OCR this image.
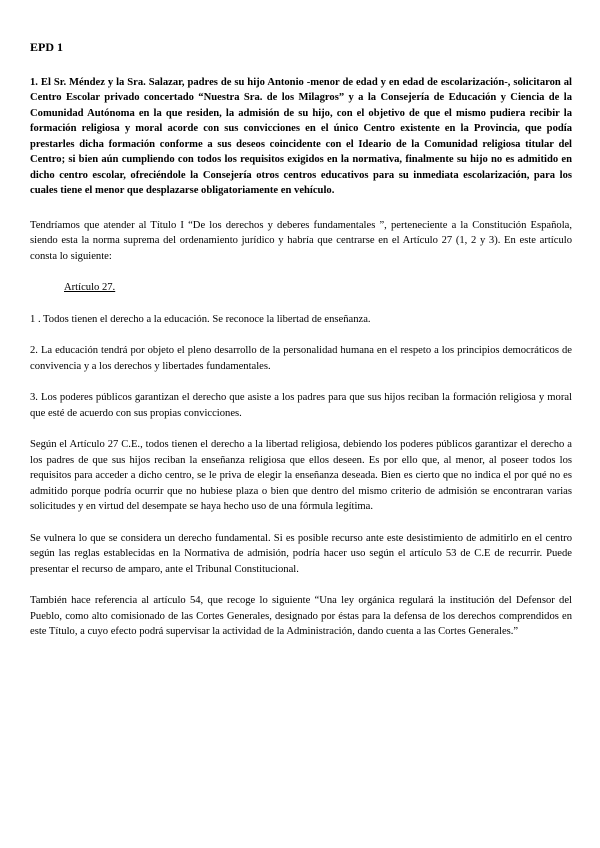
EPD 1
1. El Sr. Méndez y la Sra. Salazar, padres de su hijo Antonio -menor de edad y en edad de escolarización-, solicitaron al Centro Escolar privado concertado “Nuestra Sra. de los Milagros” y a la Consejería de Educación y Ciencia de la Comunidad Autónoma en la que residen, la admisión de su hijo, con el objetivo de que el mismo pudiera recibir la formación religiosa y moral acorde con sus convicciones en el único Centro existente en la Provincia, que podía prestarles dicha formación conforme a sus deseos coincidente con el Ideario de la Comunidad religiosa titular del Centro; si bien aún cumpliendo con todos los requisitos exigidos en la normativa, finalmente su hijo no es admitido en dicho centro escolar, ofreciéndole la Consejería otros centros educativos para su inmediata escolarización, para los cuales tiene el menor que desplazarse obligatoriamente en vehículo.

Tendríamos que atender al Título I “De los derechos y deberes fundamentales ”, perteneciente a la Constitución Española, siendo esta la norma suprema del ordenamiento jurídico y habría que centrarse en el Artículo 27 (1, 2 y 3). En este artículo consta lo siguiente:

Artículo 27.

1 . Todos tienen el derecho a la educación. Se reconoce la libertad de enseñanza.

2. La educación tendrá por objeto el pleno desarrollo de la personalidad humana en el respeto a los principios democráticos de convivencia y a los derechos y libertades fundamentales.

3. Los poderes públicos garantizan el derecho que asiste a los padres para que sus hijos reciban la formación religiosa y moral que esté de acuerdo con sus propias convicciones.

Según el Artículo 27 C.E., todos tienen el derecho a la libertad religiosa, debiendo los poderes públicos garantizar el derecho a los padres de que sus hijos reciban la enseñanza religiosa que ellos deseen. Es por ello que, al menor, al poseer todos los requisitos para acceder a dicho centro, se le priva de elegir la enseñanza deseada. Bien es cierto que no indica el por qué no es admitido porque podría ocurrir que no hubiese plaza o bien que dentro del mismo criterio de admisión se encontraran varias solicitudes y en virtud del desempate se haya hecho uso de una fórmula legítima.

Se vulnera lo que se considera un derecho fundamental. Si es posible recurso ante este desistimiento de admitirlo en el centro según las reglas establecidas en la Normativa de admisión, podría hacer uso según el artículo 53 de C.E de recurrir. Puede presentar el recurso de amparo, ante el Tribunal Constitucional.

También hace referencia al artículo 54, que recoge lo siguiente “Una ley orgánica regulará la institución del Defensor del Pueblo, como alto comisionado de las Cortes Generales, designado por éstas para la defensa de los derechos comprendidos en este Título, a cuyo efecto podrá supervisar la actividad de la Administración, dando cuenta a las Cortes Generales.”
